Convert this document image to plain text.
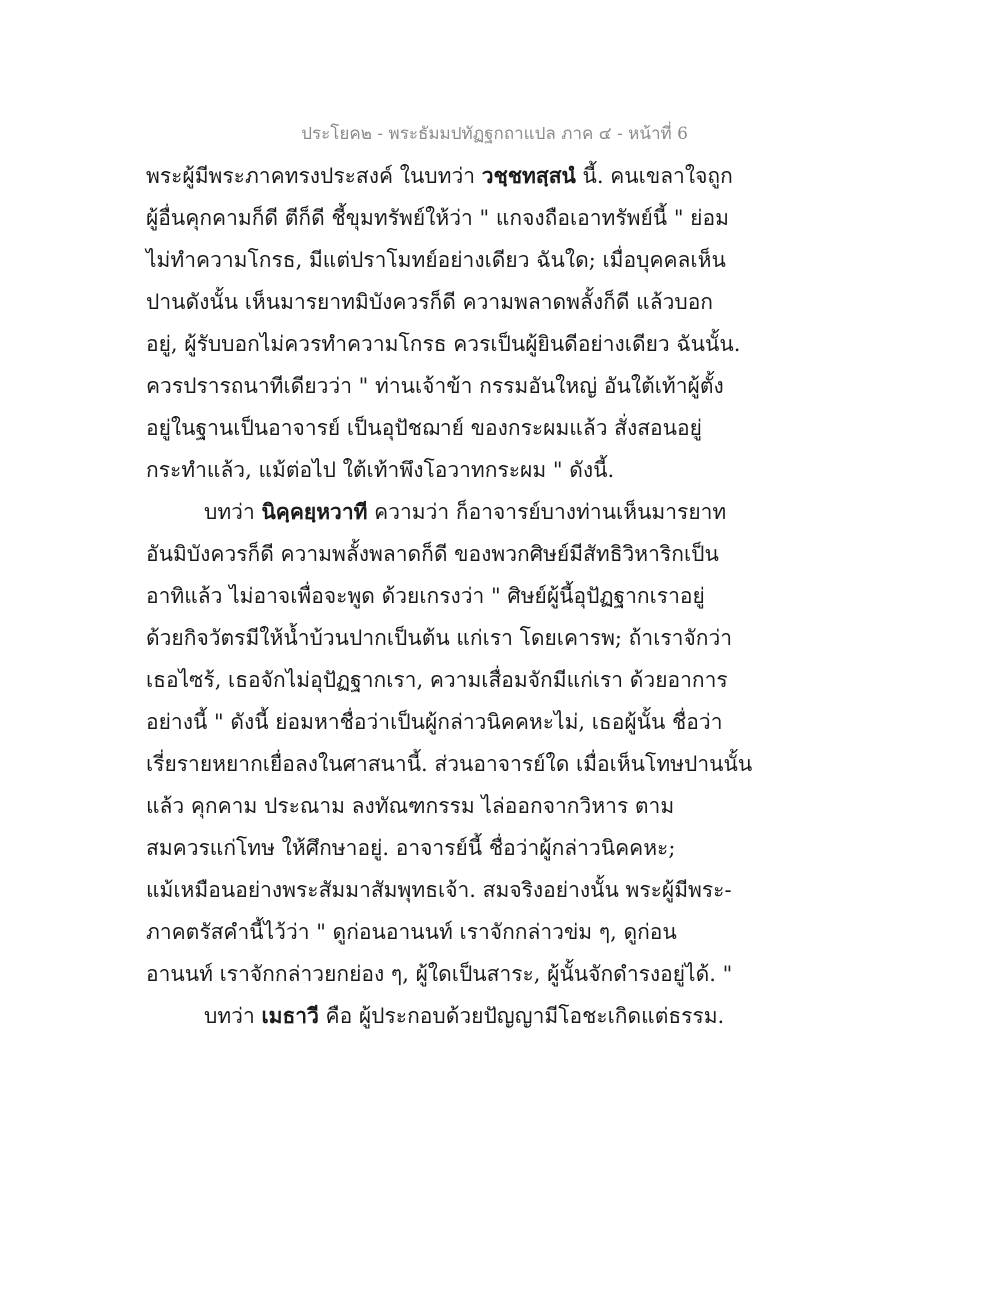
ประโยค๒ - พระธัมมปทัฏฐกถาแปล ภาค ๔ - หน้าที่ 6
พระผู้มีพระภาคทรงประสงค์ ในบทว่า วชฺชทสฺสนํ นี้. คนเขลาใจถูก
ผู้อื่นคุกคามก็ดี ตีก็ดี ชี้ขุมทรัพย์ให้ว่า " แกจงถือเอาทรัพย์นี้ " ย่อม
ไม่ทำความโกรธ, มีแต่ปราโมทย์อย่างเดียว ฉันใด; เมื่อบุคคลเห็น
ปานดังนั้น เห็นมารยาทมิบังควรก็ดี ความพลาดพลั้งก็ดี แล้วบอก
อยู่, ผู้รับบอกไม่ควรทำความโกรธ ควรเป็นผู้ยินดีอย่างเดียว ฉันนั้น.
ควรปรารถนาทีเดียวว่า " ท่านเจ้าข้า กรรมอันใหญ่ อันใต้เท้าผู้ตั้ง
อยู่ในฐานเป็นอาจารย์ เป็นอุปัชฌาย์ ของกระผมแล้ว สั่งสอนอยู่
กระทำแล้ว, แม้ต่อไป ใต้เท้าพึงโอวาทกระผม " ดังนี้.
บทว่า นิคฺคยฺหวาที ความว่า ก็อาจารย์บางท่านเห็นมารยาท
อันมิบังควรก็ดี ความพลั้งพลาดก็ดี ของพวกศิษย์มีสัทธิวิหาริกเป็น
อาทิแล้ว ไม่อาจเพื่อจะพูด ด้วยเกรงว่า " ศิษย์ผู้นี้อุปัฏฐากเราอยู่
ด้วยกิจวัตรมีให้น้ำบ้วนปากเป็นต้น แก่เรา โดยเคารพ; ถ้าเราจักว่า
เธอไซร้, เธอจักไม่อุปัฏฐากเรา, ความเสื่อมจักมีแก่เรา ด้วยอาการ
อย่างนี้ " ดังนี้ ย่อมหาชื่อว่าเป็นผู้กล่าวนิคคหะไม่, เธอผู้นั้น ชื่อว่า
เรี่ยรายหยากเยื่อลงในศาสนานี้. ส่วนอาจารย์ใด เมื่อเห็นโทษปานนั้น
แล้ว คุกคาม ประณาม ลงทัณฑกรรม ไล่ออกจากวิหาร ตาม
สมควรแก่โทษ ให้ศึกษาอยู่. อาจารย์นี้ ชื่อว่าผู้กล่าวนิคคหะ;
แม้เหมือนอย่างพระสัมมาสัมพุทธเจ้า. สมจริงอย่างนั้น พระผู้มีพระ-
ภาคตรัสคำนี้ไว้ว่า " ดูก่อนอานนท์ เราจักกล่าวข่ม ๆ, ดูก่อน
อานนท์ เราจักกล่าวยกย่อง ๆ, ผู้ใดเป็นสาระ, ผู้นั้นจักดำรงอยู่ได้. "
บทว่า เมธาวี คือ ผู้ประกอบด้วยปัญญามีโอชะเกิดแต่ธรรม.
